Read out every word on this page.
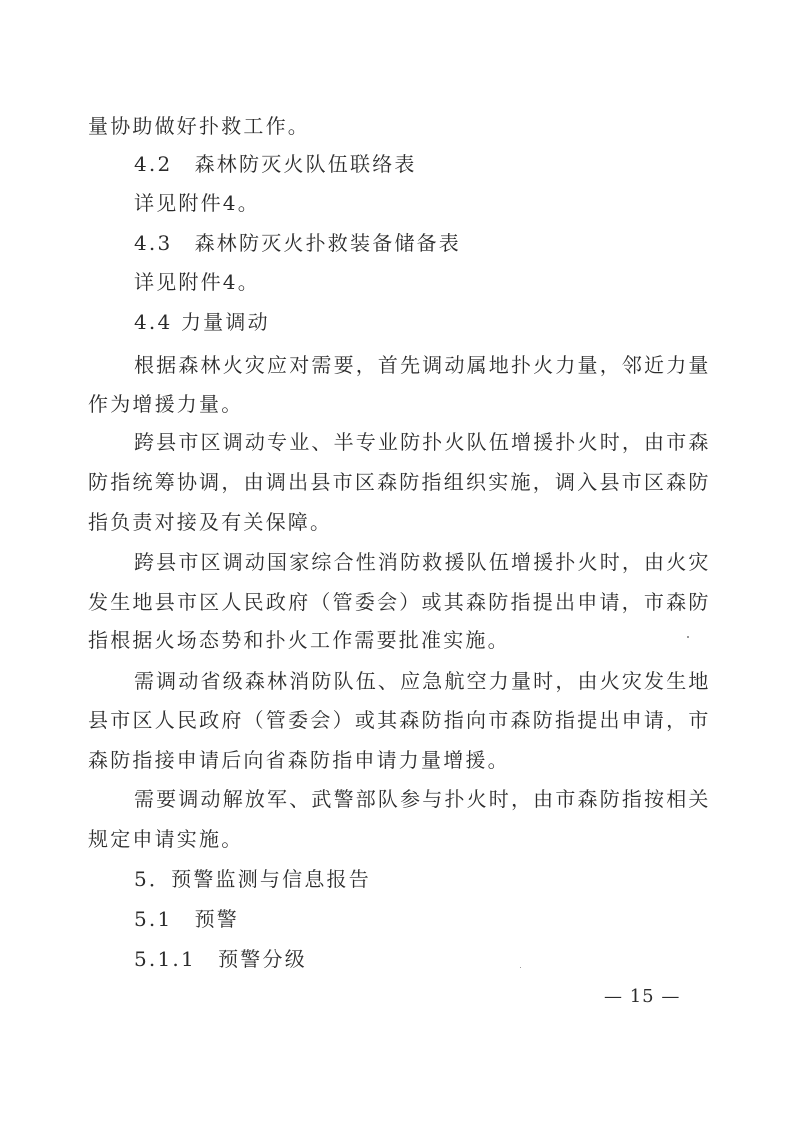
量协助做好扑救工作。
4.2　森林防灭火队伍联络表
详见附件4。
4.3　森林防灭火扑救装备储备表
详见附件4。
4.4 力量调动
根据森林火灾应对需要，首先调动属地扑火力量，邻近力量
作为增援力量。
跨县市区调动专业、半专业防扑火队伍增援扑火时，由市森
防指统筹协调，由调出县市区森防指组织实施，调入县市区森防
指负责对接及有关保障。
跨县市区调动国家综合性消防救援队伍增援扑火时，由火灾
发生地县市区人民政府（管委会）或其森防指提出申请，市森防
指根据火场态势和扑火工作需要批准实施。
需调动省级森林消防队伍、应急航空力量时，由火灾发生地
县市区人民政府（管委会）或其森防指向市森防指提出申请，市
森防指接申请后向省森防指申请力量增援。
需要调动解放军、武警部队参与扑火时，由市森防指按相关
规定申请实施。
5．预警监测与信息报告
5.1　预警
5.1.1　预警分级
— 15 —
